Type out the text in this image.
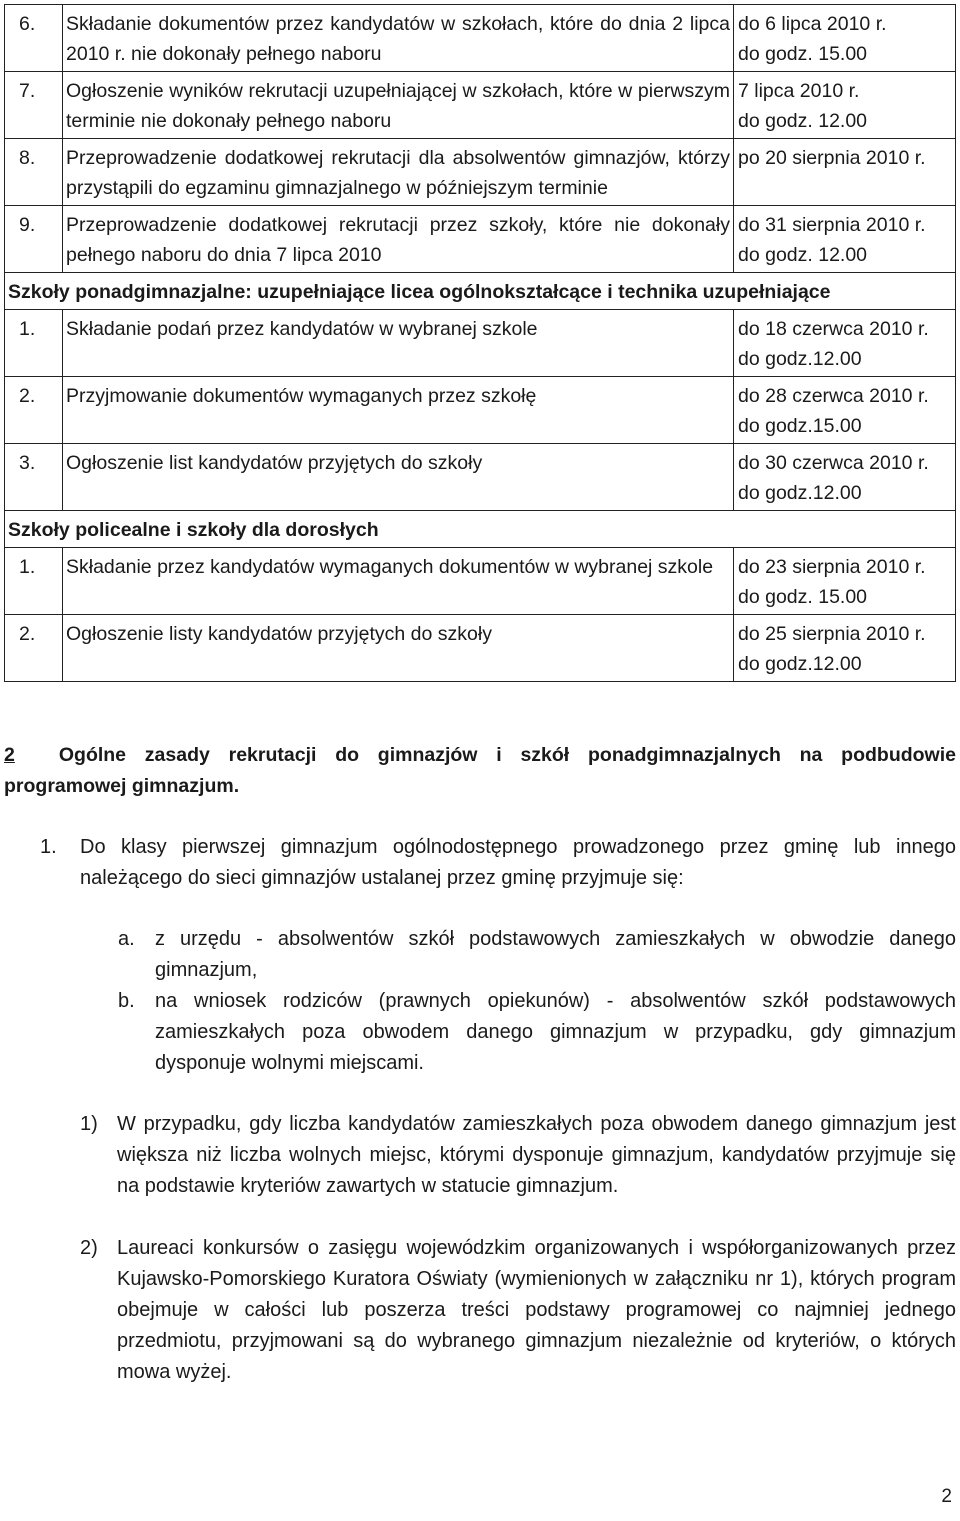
6.	Składanie dokumentów przez kandydatów w szkołach, które do dnia 2 lipca 2010 r. nie dokonały pełnego naboru	do 6 lipca 2010 r.
do godz. 15.00

7.	Ogłoszenie wyników rekrutacji uzupełniającej w szkołach, które w pierwszym terminie nie dokonały pełnego naboru	7 lipca 2010 r.
do godz. 12.00

8.	Przeprowadzenie dodatkowej rekrutacji dla absolwentów gimnazjów, którzy przystąpili do egzaminu gimnazjalnego w późniejszym terminie	po 20 sierpnia 2010 r.

9.	Przeprowadzenie dodatkowej rekrutacji przez szkoły, które nie dokonały pełnego naboru do dnia 7 lipca 2010	do 31 sierpnia 2010 r.
do godz. 12.00

Szkoły ponadgimnazjalne: uzupełniające licea ogólnokształcące i technika uzupełniające		
1.	Składanie podań przez kandydatów w wybranej szkole	do 18 czerwca 2010 r.
do godz.12.00

2.	Przyjmowanie dokumentów wymaganych przez szkołę	do 28 czerwca 2010 r.
do godz.15.00

3.	Ogłoszenie list kandydatów przyjętych do szkoły	do 30 czerwca 2010 r.
do godz.12.00

Szkoły policealne i szkoły dla dorosłych		
1.	Składanie przez kandydatów wymaganych dokumentów w wybranej szkole	do 23 sierpnia 2010 r.
do godz. 15.00

2.	Ogłoszenie listy kandydatów przyjętych do szkoły	do 25 sierpnia 2010 r.
do godz.12.00
2 Ogólne zasady rekrutacji do gimnazjów i szkół ponadgimnazjalnych na podbudowie
programowej gimnazjum.
1. Do klasy pierwszej gimnazjum ogólnodostępnego prowadzonego przez gminę lub innego należącego do sieci gimnazjów ustalanej przez gminę przyjmuje się:
a. z urzędu - absolwentów szkół podstawowych zamieszkałych w obwodzie danego gimnazjum,
b. na wniosek rodziców (prawnych opiekunów) - absolwentów szkół podstawowych zamieszkałych poza obwodem danego gimnazjum w przypadku, gdy gimnazjum dysponuje wolnymi miejscami.
1) W przypadku, gdy liczba kandydatów zamieszkałych poza obwodem danego gimnazjum jest większa niż liczba wolnych miejsc, którymi dysponuje gimnazjum, kandydatów przyjmuje się na podstawie kryteriów zawartych w statucie gimnazjum.
2) Laureaci konkursów o zasięgu wojewódzkim organizowanych i współorganizowanych przez Kujawsko-Pomorskiego Kuratora Oświaty (wymienionych w załączniku nr 1), których program obejmuje w całości lub poszerza treści podstawy programowej co najmniej jednego przedmiotu, przyjmowani są do wybranego gimnazjum niezależnie od kryteriów, o których mowa wyżej.
2
